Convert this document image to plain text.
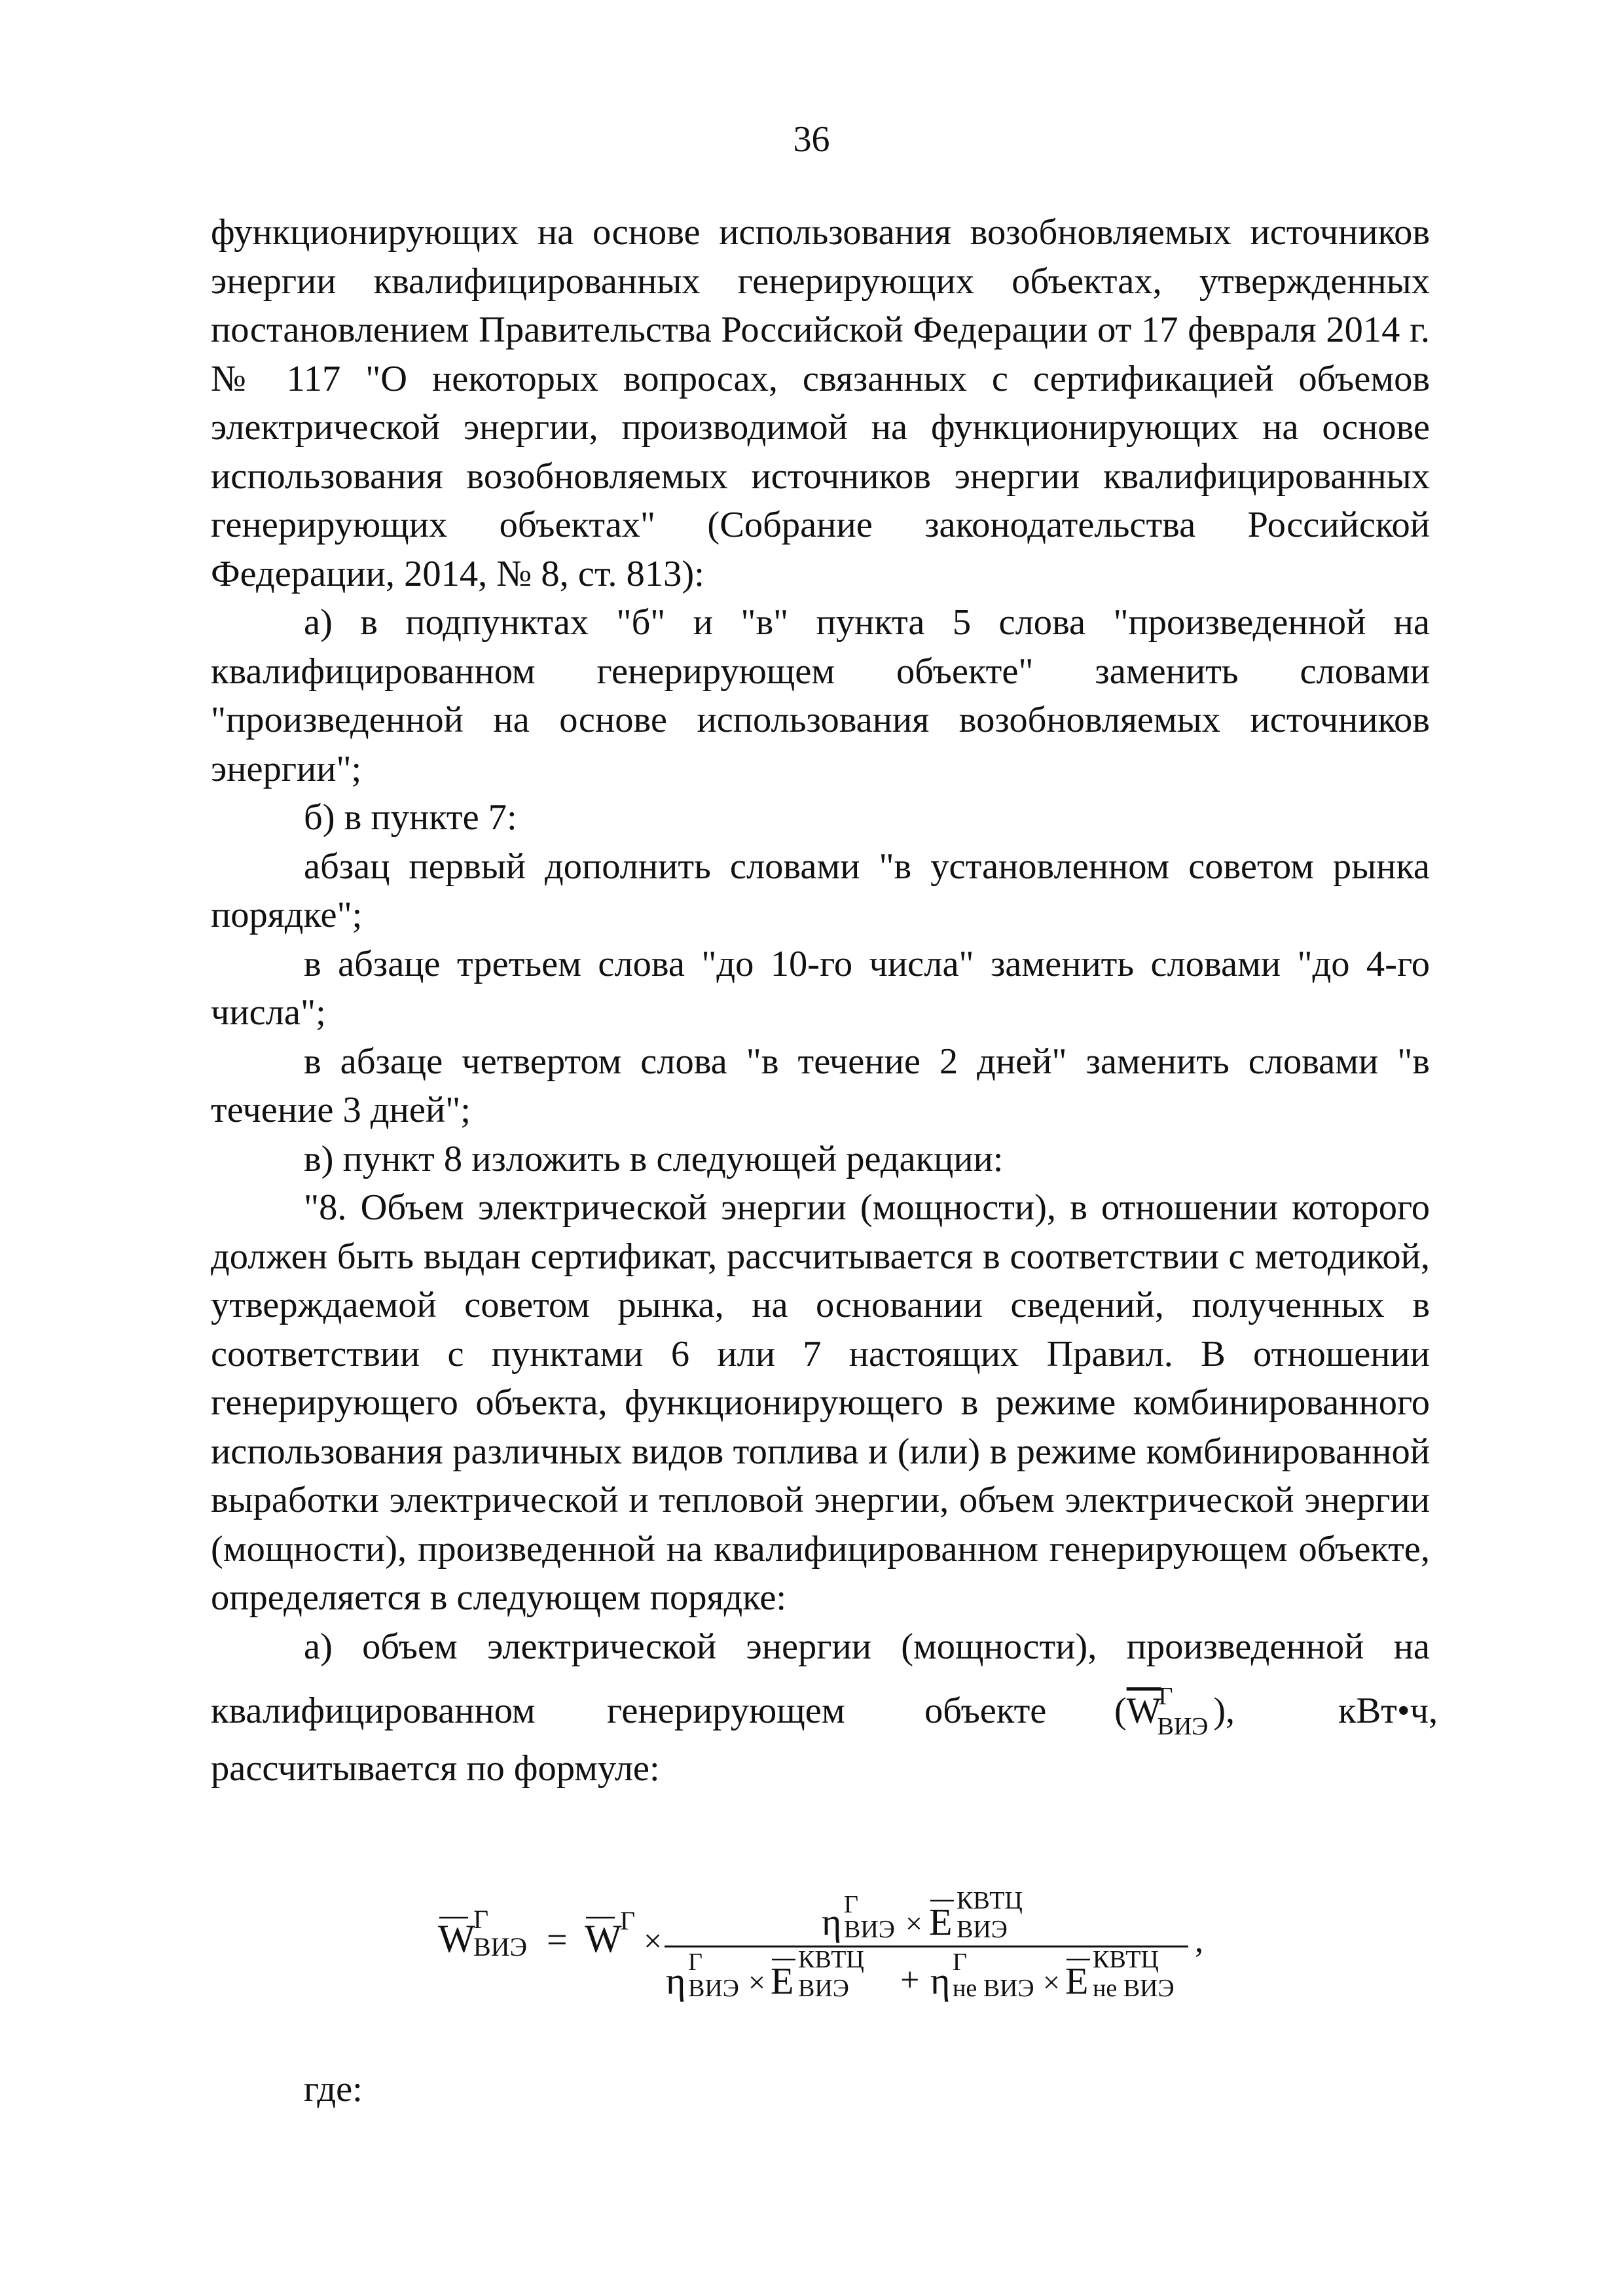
36

функционирующих на основе использования возобновляемых источников энергии квалифицированных генерирующих объектах, утвержденных постановлением Правительства Российской Федерации от 17 февраля 2014 г. № 117 "О некоторых вопросах, связанных с сертификацией объемов электрической энергии, производимой на функционирующих на основе использования возобновляемых источников энергии квалифицированных генерирующих объектах" (Собрание законодательства Российской Федерации, 2014, № 8, ст. 813):

а) в подпунктах "б" и "в" пункта 5 слова "произведенной на квалифицированном генерирующем объекте" заменить словами "произведенной на основе использования возобновляемых источников энергии";

б) в пункте 7:

абзац первый дополнить словами "в установленном советом рынка порядке";

в абзаце третьем слова "до 10-го числа" заменить словами "до 4-го числа";

в абзаце четвертом слова "в течение 2 дней" заменить словами "в течение 3 дней";

в) пункт 8 изложить в следующей редакции:

"8. Объем электрической энергии (мощности), в отношении которого должен быть выдан сертификат, рассчитывается в соответствии с методикой, утверждаемой советом рынка, на основании сведений, полученных в соответствии с пунктами 6 или 7 настоящих Правил. В отношении генерирующего объекта, функционирующего в режиме комбинированного использования различных видов топлива и (или) в режиме комбинированной выработки электрической и тепловой энергии, объем электрической энергии (мощности), произведенной на квалифицированном генерирующем объекте, определяется в следующем порядке:

а) объем электрической энергии (мощности), произведенной на

квалифицированном генерирующем объекте ($\overline{W}^Г_{ВИЭ}$ ),	кВт•ч,

рассчитывается по формуле:

W
Г
ВИЭ = W
Г
×	η Г
ВИЭ × E КВТЦ
ВИЭ	,
η Г
ВИЭ × E КВТЦ
ВИЭ + η Г
не ВИЭ × E КВТЦ
не ВИЭ
где:
